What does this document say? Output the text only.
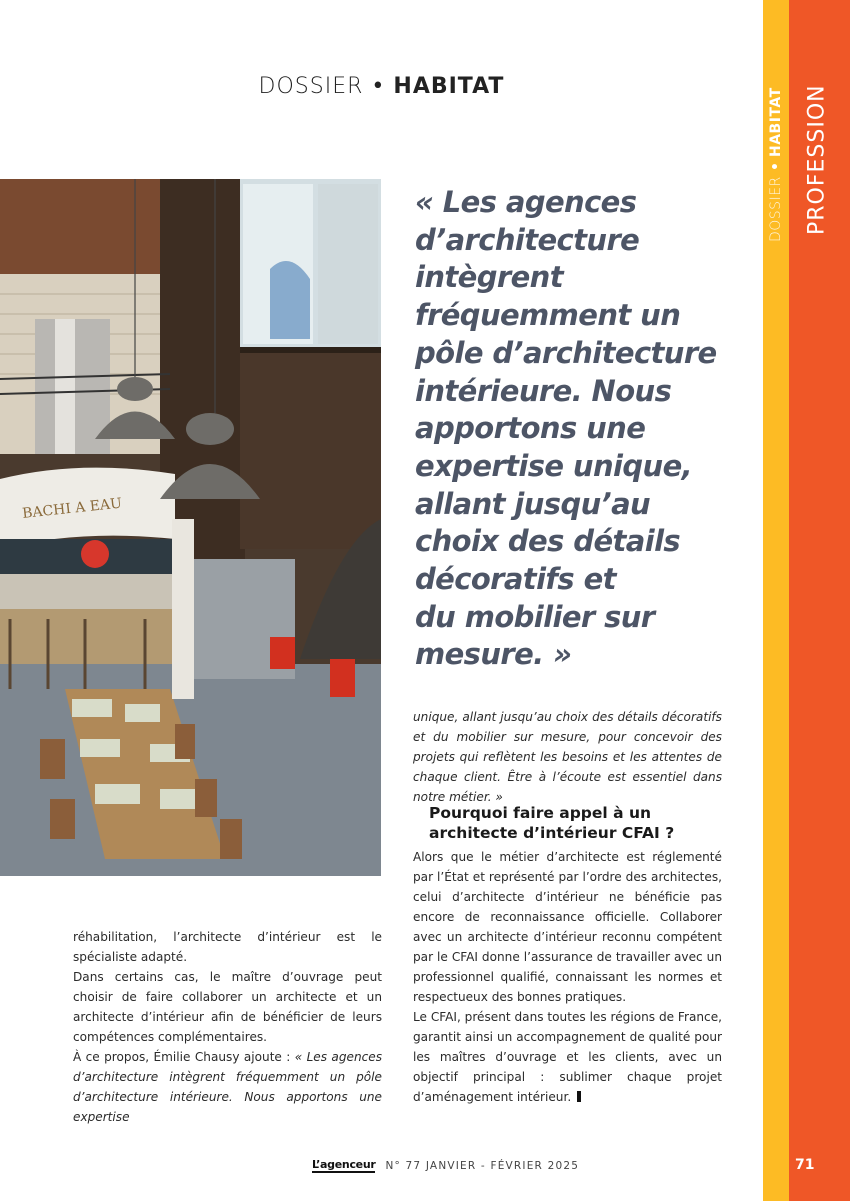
DOSSIER • HABITAT
DOSSIER

•

HABITAT PROFESSION
71
BACHI A EAU
« Les agences
d’architecture
intègrent
fréquemment un
pôle d’architecture
intérieure. Nous
apportons une
expertise unique,
allant jusqu’au
choix des détails
décoratifs et
du mobilier sur
mesure. »

unique, allant jusqu’au choix des détails décoratifs et du mobilier sur mesure, pour concevoir des projets qui reflètent les besoins et les attentes de chaque client. Être à l’écoute est essentiel dans notre métier. »

Pourquoi faire appel à un architecte d’intérieur CFAI ?

Alors que le métier d’architecte est réglementé par l’État et représenté par l’ordre des architectes, celui d’architecte d’intérieur ne bénéficie pas encore de reconnaissance officielle. Collaborer avec un architecte d’intérieur reconnu compétent par le CFAI donne l’assurance de travailler avec un professionnel qualifié, connaissant les normes et respectueux des bonnes pratiques.

Le CFAI, présent dans toutes les régions de France, garantit ainsi un accompagnement de qualité pour les maîtres d’ouvrage et les clients, avec un objectif principal : sublimer chaque projet d’aménagement intérieur.

réhabilitation, l’architecte d’intérieur est le spécialiste adapté.

Dans certains cas, le maître d’ouvrage peut choisir de faire collaborer un architecte et un architecte d’intérieur afin de bénéficier de leurs compétences complémentaires.

À ce propos, Émilie Chausy ajoute : « Les agences d’architecture intègrent fréquemment un pôle d’architecture intérieure. Nous apportons une expertise

L’agenceur N° 77 JANVIER - FÉVRIER 2025
